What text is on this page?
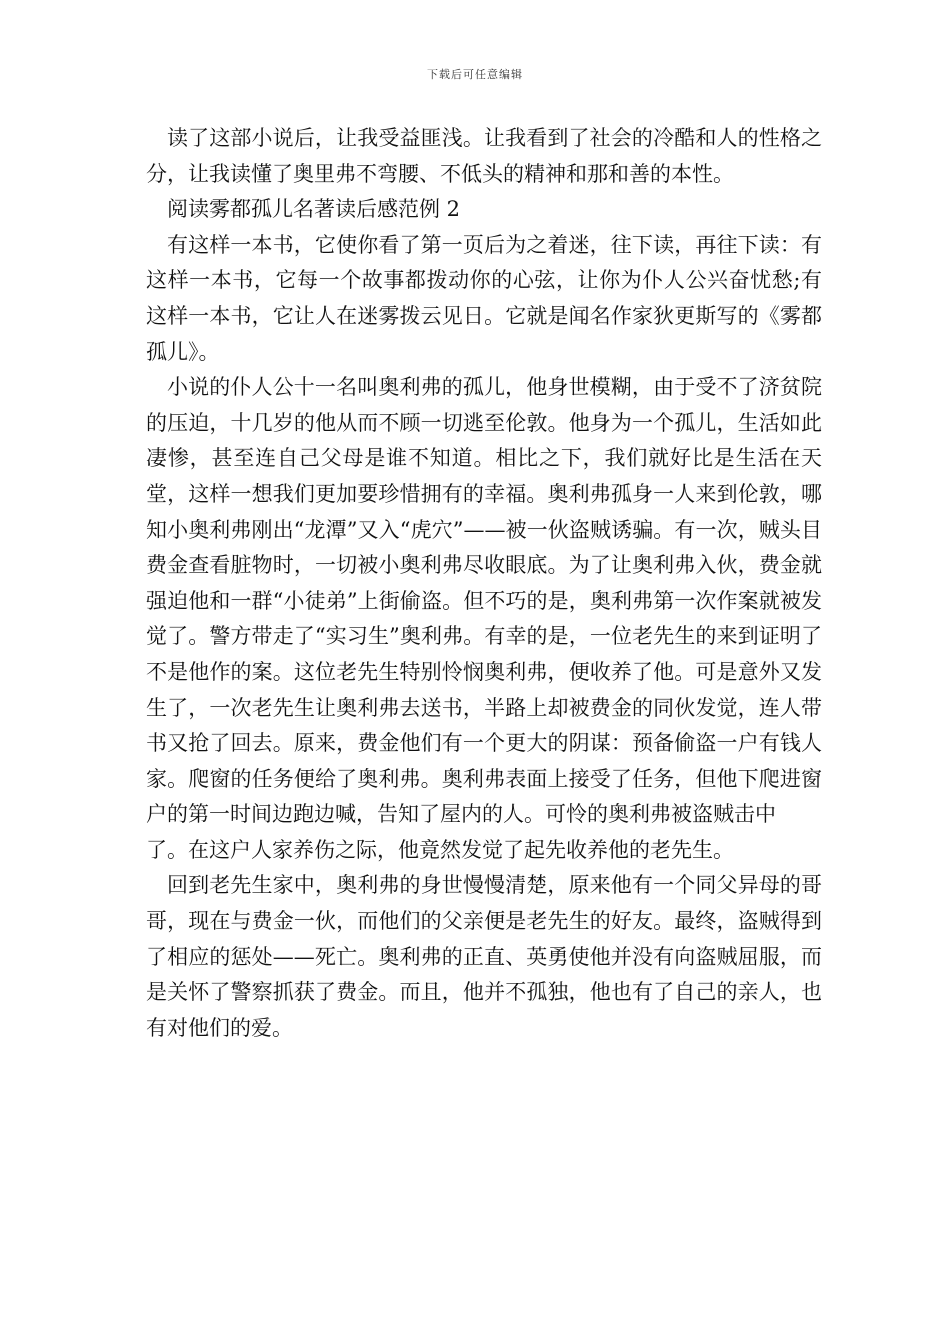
下载后可任意编辑

读了这部小说后，让我受益匪浅。让我看到了社会的冷酷和人的性格之分，让我读懂了奥里弗不弯腰、不低头的精神和那和善的本性。

阅读雾都孤儿名著读后感范例 2

有这样一本书，它使你看了第一页后为之着迷，往下读，再往下读：有这样一本书，它每一个故事都拨动你的心弦，让你为仆人公兴奋忧愁;有这样一本书，它让人在迷雾拨云见日。它就是闻名作家狄更斯写的《雾都孤儿》。

小说的仆人公十一名叫奥利弗的孤儿，他身世模糊，由于受不了济贫院的压迫，十几岁的他从而不顾一切逃至伦敦。他身为一个孤儿，生活如此凄惨，甚至连自己父母是谁不知道。相比之下，我们就好比是生活在天堂，这样一想我们更加要珍惜拥有的幸福。奥利弗孤身一人来到伦敦，哪知小奥利弗刚出“龙潭”又入“虎穴”——被一伙盗贼诱骗。有一次，贼头目费金查看脏物时，一切被小奥利弗尽收眼底。为了让奥利弗入伙，费金就强迫他和一群“小徒弟”上街偷盗。但不巧的是，奥利弗第一次作案就被发觉了。警方带走了“实习生”奥利弗。有幸的是，一位老先生的来到证明了不是他作的案。这位老先生特别怜悯奥利弗，便收养了他。可是意外又发生了，一次老先生让奥利弗去送书，半路上却被费金的同伙发觉，连人带书又抢了回去。原来，费金他们有一个更大的阴谋：预备偷盗一户有钱人家。爬窗的任务便给了奥利弗。奥利弗表面上接受了任务，但他下爬进窗户的第一时间边跑边喊，告知了屋内的人。可怜的奥利弗被盗贼击中

了。在这户人家养伤之际，他竟然发觉了起先收养他的老先生。

回到老先生家中，奥利弗的身世慢慢清楚，原来他有一个同父异母的哥哥，现在与费金一伙，而他们的父亲便是老先生的好友。最终，盗贼得到了相应的惩处——死亡。奥利弗的正直、英勇使他并没有向盗贼屈服，而是关怀了警察抓获了费金。而且，他并不孤独，他也有了自己的亲人，也有对他们的爱。
